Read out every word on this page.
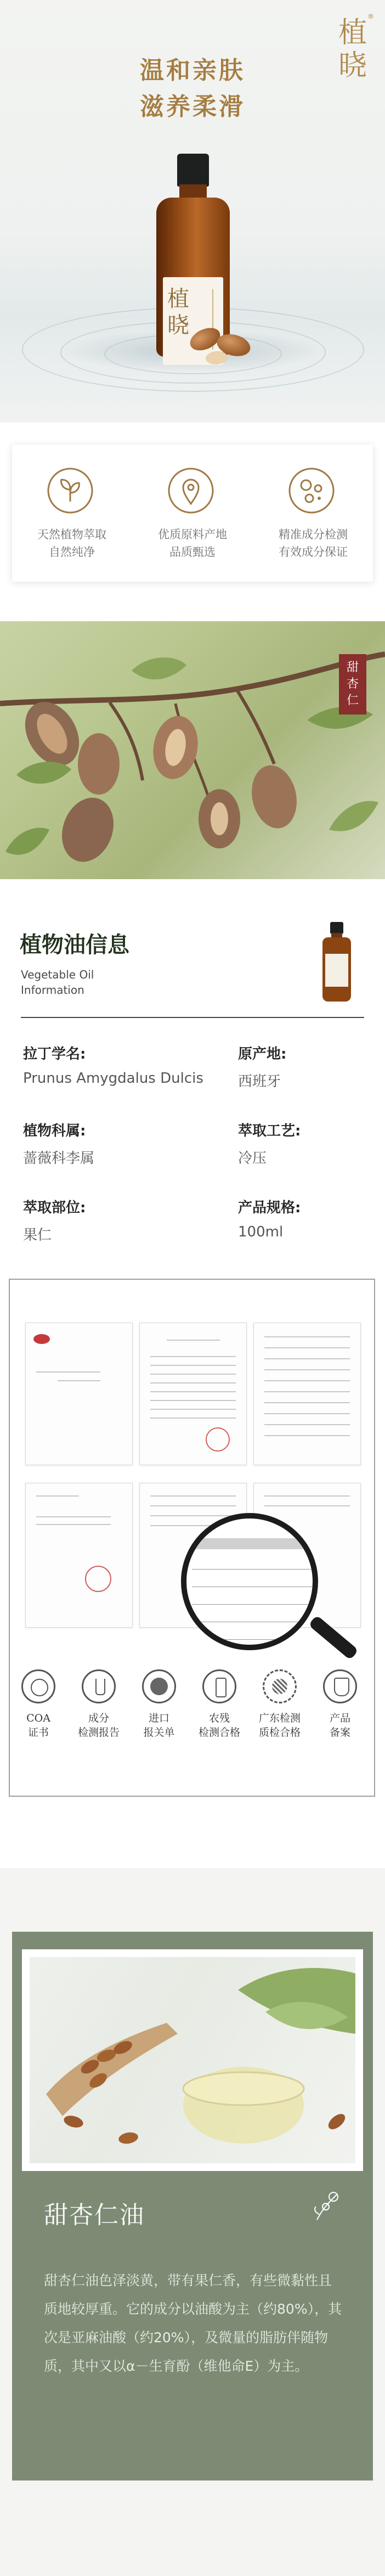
植晓
®
温和亲肤
滋养柔滑
植晓
天然植物萃取
自然纯净
优质原料产地
品质甄选
精准成分检测
有效成分保证
甜杏仁
植物油信息
Vegetable Oil Information
拉丁学名:
Prunus Amygdalus Dulcis
原产地:
西班牙
植物科属:
蔷薇科李属
萃取工艺:
冷压
萃取部位:
果仁
产品规格:
100ml
COA
证书
成分
检测报告
进口
报关单
农残
检测合格
广东检测
质检合格
产品
备案
甜杏仁油
甜杏仁油色泽淡黄，带有果仁香，有些微黏性且质地较厚重。它的成分以油酸为主（约80%），其次是亚麻油酸（约20%），及微量的脂肪伴随物质，其中又以α－生育酚（维他命E）为主。
